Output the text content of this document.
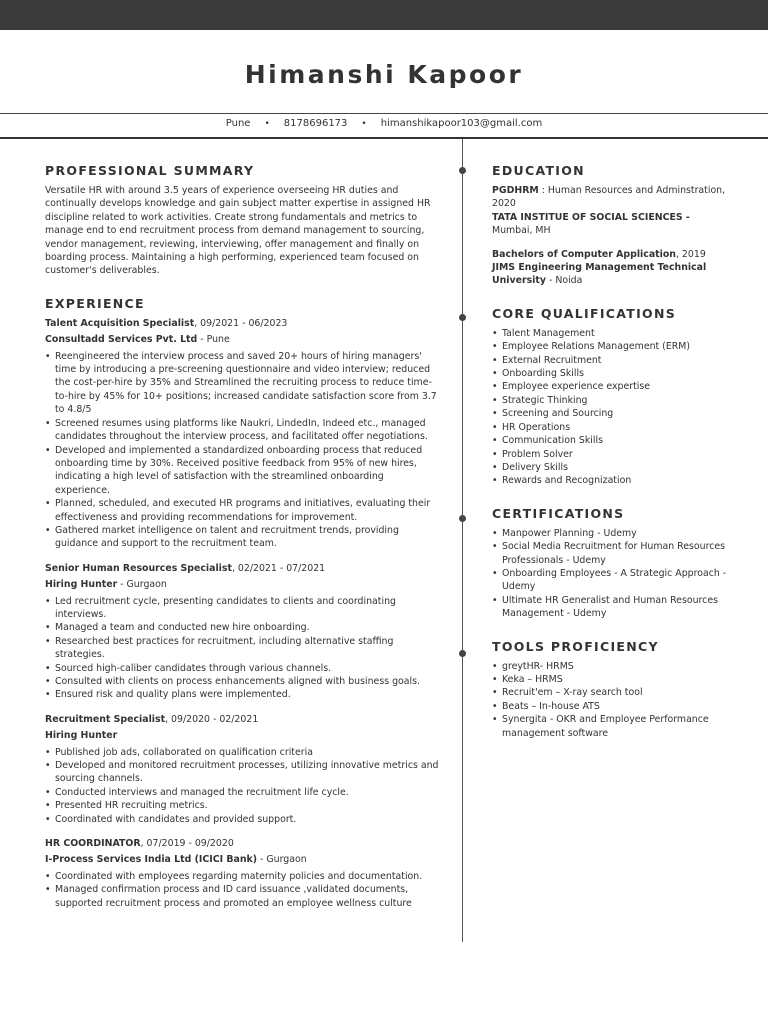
Himanshi Kapoor
Pune • 8178696173 • himanshikapoor103@gmail.com
PROFESSIONAL SUMMARY

Versatile HR with around 3.5 years of experience overseeing HR duties and continually develops knowledge and gain subject matter expertise in assigned HR discipline related to work activities. Create strong fundamentals and metrics to manage end to end recruitment process from demand management to sourcing, vendor management, reviewing, interviewing, offer management and finally on boarding process. Maintaining a high performing, experienced team focused on customer's deliverables.

EXPERIENCE
Talent Acquisition Specialist, 09/2021 - 06/2023
Consultadd Services Pvt. Ltd - Pune
• Reengineered the interview process and saved 20+ hours of hiring managers' time by introducing a pre-screening questionnaire and video interview; reduced the cost-per-hire by 35% and Streamlined the recruiting process to reduce time-to-hire by 45% for 10+ positions; increased candidate satisfaction score from 3.7 to 4.8/5
• Screened resumes using platforms like Naukri, LindedIn, Indeed etc., managed candidates throughout the interview process, and facilitated offer negotiations.
• Developed and implemented a standardized onboarding process that reduced onboarding time by 30%. Received positive feedback from 95% of new hires, indicating a high level of satisfaction with the streamlined onboarding experience.
• Planned, scheduled, and executed HR programs and initiatives, evaluating their effectiveness and providing recommendations for improvement.
• Gathered market intelligence on talent and recruitment trends, providing guidance and support to the recruitment team.
Senior Human Resources Specialist, 02/2021 - 07/2021
Hiring Hunter - Gurgaon
• Led recruitment cycle, presenting candidates to clients and coordinating interviews.
• Managed a team and conducted new hire onboarding.
• Researched best practices for recruitment, including alternative staffing strategies.
• Sourced high-caliber candidates through various channels.
• Consulted with clients on process enhancements aligned with business goals.
• Ensured risk and quality plans were implemented.
Recruitment Specialist, 09/2020 - 02/2021
Hiring Hunter
• Published job ads, collaborated on qualification criteria
• Developed and monitored recruitment processes, utilizing innovative metrics and sourcing channels.
• Conducted interviews and managed the recruitment life cycle.
• Presented HR recruiting metrics.
• Coordinated with candidates and provided support.
HR COORDINATOR, 07/2019 - 09/2020
I-Process Services India Ltd (ICICI Bank) - Gurgaon
• Coordinated with employees regarding maternity policies and documentation.
• Managed confirmation process and ID card issuance ,validated documents, supported recruitment process and promoted an employee wellness culture
EDUCATION
PGDHRM : Human Resources and Adminstration, 2020
TATA INSTITUE OF SOCIAL SCIENCES -
Mumbai, MH
Bachelors of Computer Application, 2019
JIMS Engineering Management Technical University - Noida
CORE QUALIFICATIONS
• Talent Management
• Employee Relations Management (ERM)
• External Recruitment
• Onboarding Skills
• Employee experience expertise
• Strategic Thinking
• Screening and Sourcing
• HR Operations
• Communication Skills
• Problem Solver
• Delivery Skills
• Rewards and Recognization
CERTIFICATIONS
• Manpower Planning - Udemy
• Social Media Recruitment for Human Resources Professionals - Udemy
• Onboarding Employees - A Strategic Approach - Udemy
• Ultimate HR Generalist and Human Resources Management - Udemy
TOOLS PROFICIENCY
• greytHR- HRMS
• Keka – HRMS
• Recruit'em – X-ray search tool
• Beats – In-house ATS
• Synergita - OKR and Employee Performance management software
